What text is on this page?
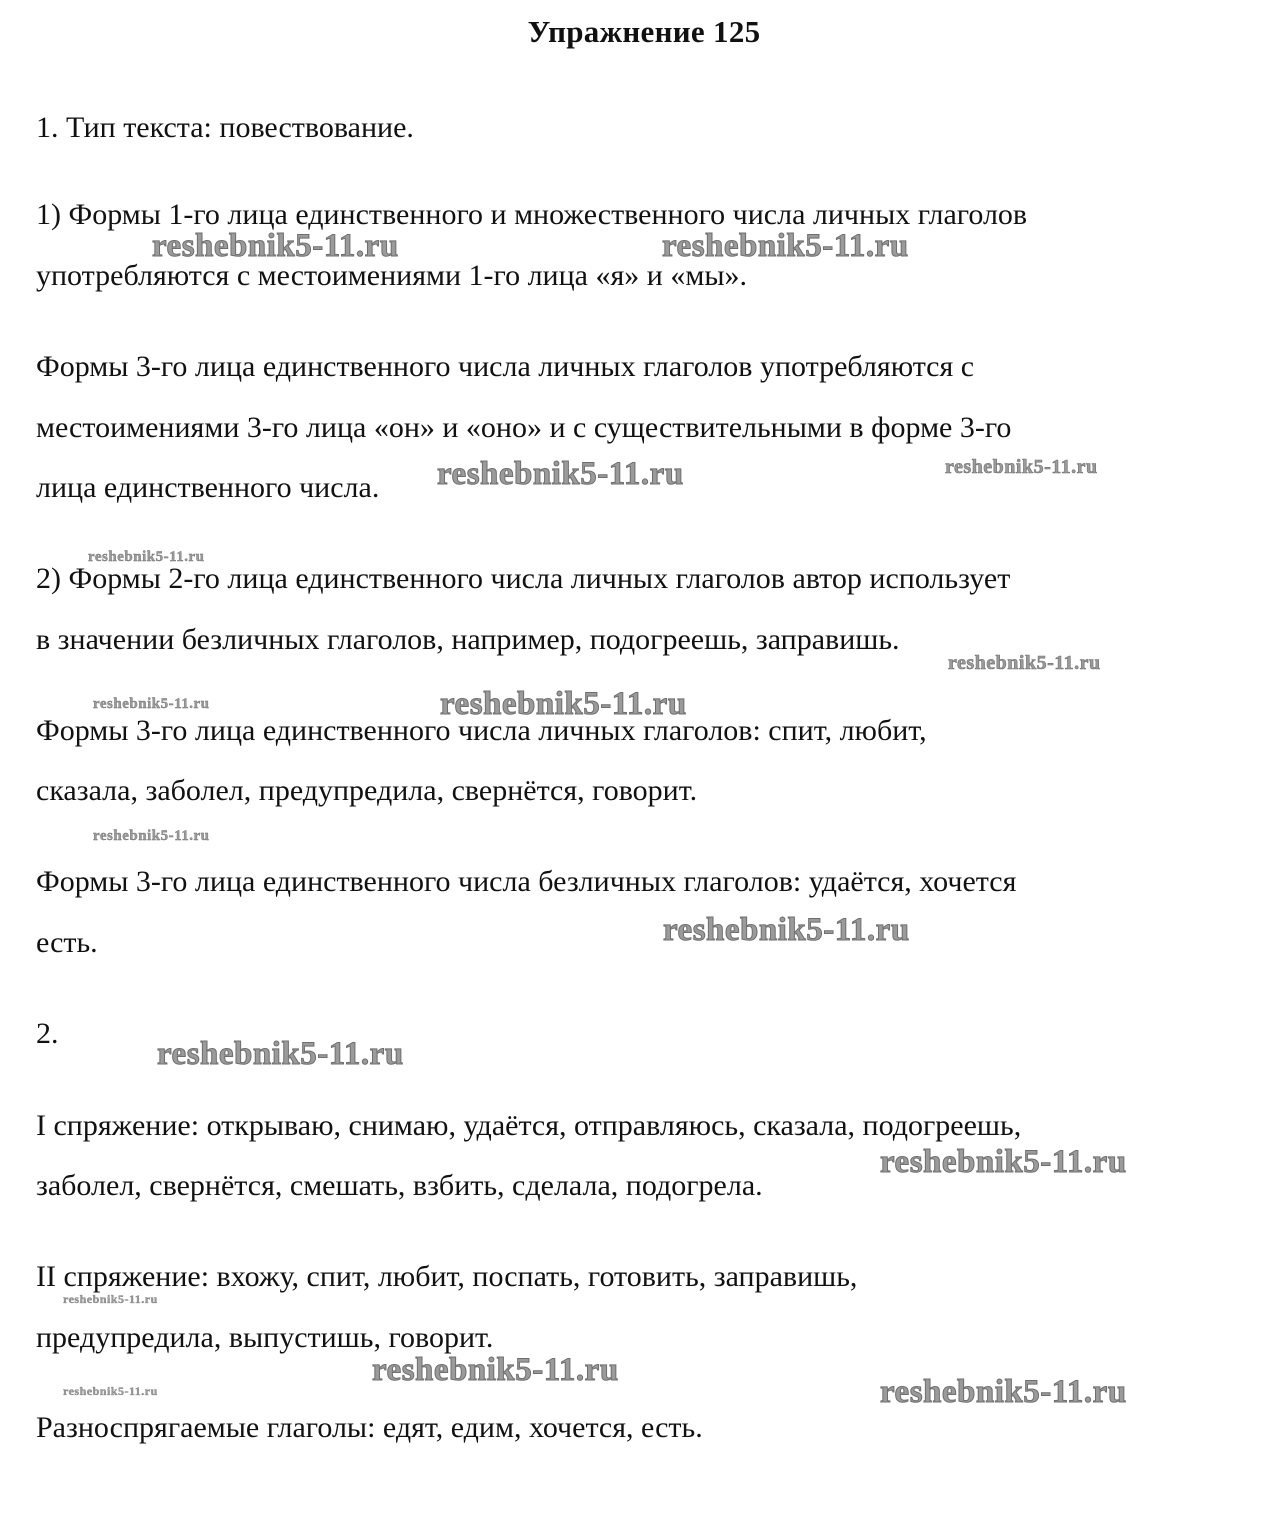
Упражнение 125
1. Тип текста: повествование.
1) Формы 1-го лица единственного и множественного числа личных глаголов
употребляются с местоимениями 1-го лица «я» и «мы».
Формы 3-го лица единственного числа личных глаголов употребляются с
местоимениями 3-го лица «он» и «оно» и с существительными в форме 3-го
лица единственного числа.
2) Формы 2-го лица единственного числа личных глаголов автор использует
в значении безличных глаголов, например, подогреешь, заправишь.
Формы 3-го лица единственного числа личных глаголов: спит, любит,
сказала, заболел, предупредила, свернётся, говорит.
Формы 3-го лица единственного числа безличных глаголов: удаётся, хочется
есть.
2.
I спряжение: открываю, снимаю, удаётся, отправляюсь, сказала, подогреешь,
заболел, свернётся, смешать, взбить, сделала, подогрела.
II спряжение: вхожу, спит, любит, поспать, готовить, заправишь,
предупредила, выпустишь, говорит.
Разноспрягаемые глаголы: едят, едим, хочется, есть.
reshebnik5-11.ru	reshebnik5-11.ru
reshebnik5-11.ru	reshebnik5-11.ru
reshebnik5-11.ru
reshebnik5-11.ru
reshebnik5-11.ru	reshebnik5-11.ru
reshebnik5-11.ru
reshebnik5-11.ru
reshebnik5-11.ru
reshebnik5-11.ru
reshebnik5-11.ru
reshebnik5-11.ru
reshebnik5-11.ru	reshebnik5-11.ru
